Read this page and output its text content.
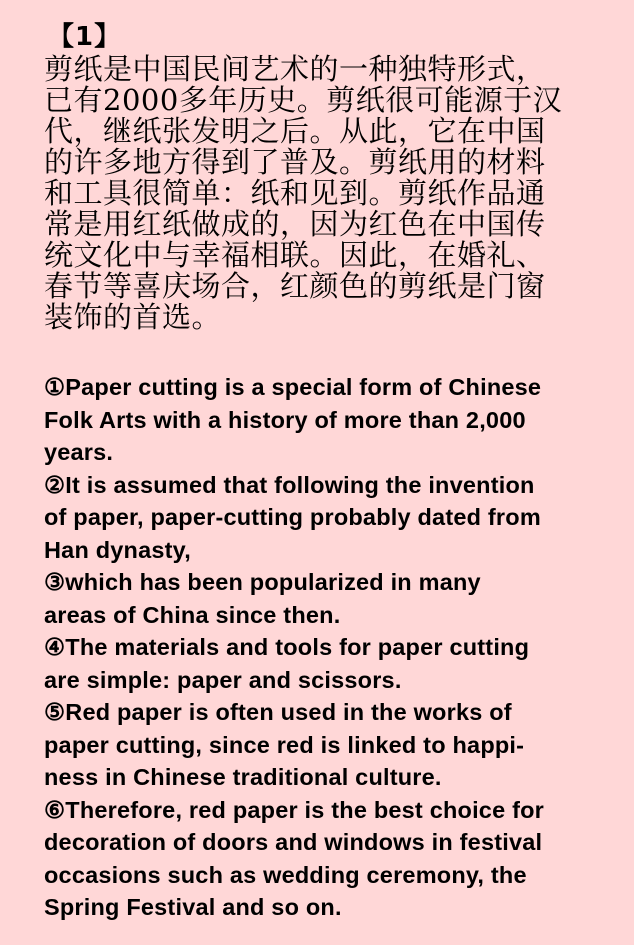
【1】

剪纸是中国民间艺术的一种独特形式，
已有2000多年历史。剪纸很可能源于汉
代，继纸张发明之后。从此，它在中国
的许多地方得到了普及。剪纸用的材料
和工具很简单：纸和见到。剪纸作品通
常是用红纸做成的，因为红色在中国传
统文化中与幸福相联。因此，在婚礼、
春节等喜庆场合，红颜色的剪纸是门窗
装饰的首选。

①Paper cutting is a special form of Chinese
Folk Arts with a history of more than 2,000
years.

②It is assumed that following the invention
of paper, paper-cutting probably dated from
Han dynasty,

③which has been popularized in many
areas of China since then.

④The materials and tools for paper cutting
are simple: paper and scissors.

⑤Red paper is often used in the works of
paper cutting, since red is linked to happi-
ness in Chinese traditional culture.

⑥Therefore, red paper is the best choice for
decoration of doors and windows in festival
occasions such as wedding ceremony, the
Spring Festival and so on.
